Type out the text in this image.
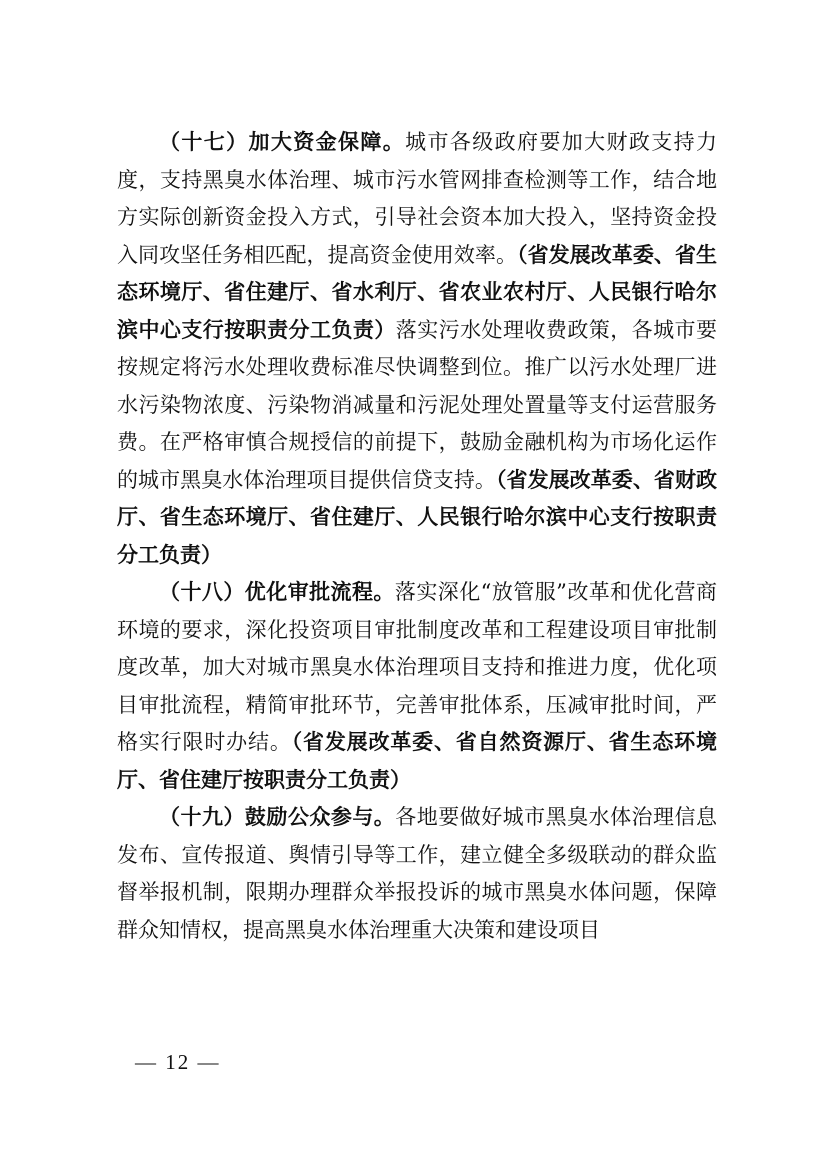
（十七）加大资金保障。城市各级政府要加大财政支持力度，支持黑臭水体治理、城市污水管网排查检测等工作，结合地方实际创新资金投入方式，引导社会资本加大投入，坚持资金投入同攻坚任务相匹配，提高资金使用效率。（省发展改革委、省生态环境厅、省住建厅、省水利厅、省农业农村厅、人民银行哈尔滨中心支行按职责分工负责）落实污水处理收费政策，各城市要按规定将污水处理收费标准尽快调整到位。推广以污水处理厂进水污染物浓度、污染物消减量和污泥处理处置量等支付运营服务费。在严格审慎合规授信的前提下，鼓励金融机构为市场化运作的城市黑臭水体治理项目提供信贷支持。（省发展改革委、省财政厅、省生态环境厅、省住建厅、人民银行哈尔滨中心支行按职责分工负责）

（十八）优化审批流程。落实深化“放管服”改革和优化营商环境的要求，深化投资项目审批制度改革和工程建设项目审批制度改革，加大对城市黑臭水体治理项目支持和推进力度，优化项目审批流程，精简审批环节，完善审批体系，压减审批时间，严格实行限时办结。（省发展改革委、省自然资源厅、省生态环境厅、省住建厅按职责分工负责）

（十九）鼓励公众参与。各地要做好城市黑臭水体治理信息发布、宣传报道、舆情引导等工作，建立健全多级联动的群众监督举报机制，限期办理群众举报投诉的城市黑臭水体问题，保障群众知情权，提高黑臭水体治理重大决策和建设项目

— 12 —
